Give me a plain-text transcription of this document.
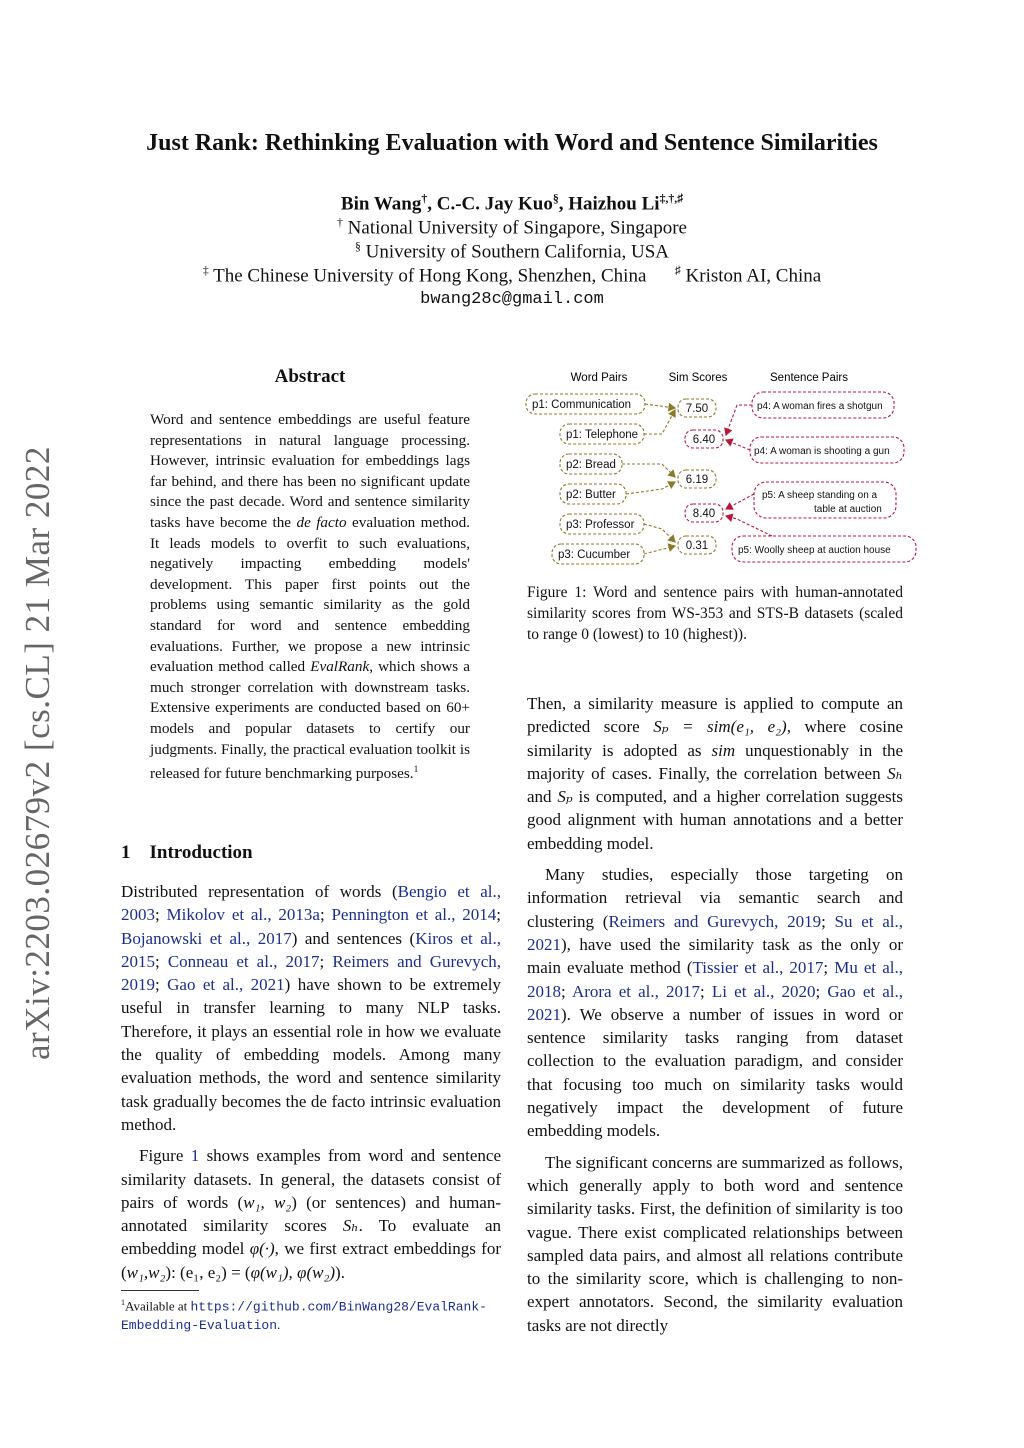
Just Rank: Rethinking Evaluation with Word and Sentence Similarities
Bin Wang†, C.-C. Jay Kuo§, Haizhou Li‡,†,♯
† National University of Singapore, Singapore
§ University of Southern California, USA
‡ The Chinese University of Hong Kong, Shenzhen, China ♯ Kriston AI, China
bwang28c@gmail.com
arXiv:2203.02679v2 [cs.CL] 21 Mar 2022
Abstract
Word and sentence embeddings are useful feature representations in natural language processing. However, intrinsic evaluation for embeddings lags far behind, and there has been no significant update since the past decade. Word and sentence similarity tasks have become the de facto evaluation method. It leads models to overfit to such evaluations, negatively impacting embedding models' development. This paper first points out the problems using semantic similarity as the gold standard for word and sentence embedding evaluations. Further, we propose a new intrinsic evaluation method called EvalRank, which shows a much stronger correlation with downstream tasks. Extensive experiments are conducted based on 60+ models and popular datasets to certify our judgments. Finally, the practical evaluation toolkit is released for future benchmarking purposes.$^1$
1 Introduction

Distributed representation of words (Bengio et al., 2003; Mikolov et al., 2013a; Pennington et al., 2014; Bojanowski et al., 2017) and sentences (Kiros et al., 2015; Conneau et al., 2017; Reimers and Gurevych, 2019; Gao et al., 2021) have shown to be extremely useful in transfer learning to many NLP tasks. Therefore, it plays an essential role in how we evaluate the quality of embedding models. Among many evaluation methods, the word and sentence similarity task gradually becomes the de facto intrinsic evaluation method.

Figure 1 shows examples from word and sentence similarity datasets. In general, the datasets consist of pairs of words (w₁, w₂) (or sentences) and human-annotated similarity scores Sₕ. To evaluate an embedding model φ(·), we first extract embeddings for (w₁,w₂): (e₁, e₂) = (φ(w₁), φ(w₂)).

$^1$Available at https://github.com/BinWang28/EvalRank-Embedding-Evaluation.
Word Pairs	Sim Scores	Sentence Pairs
p1: Communication
p1: Telephone
p2: Bread
p2: Butter
p3: Professor
p3: Cucumber
7.50
6.19
0.31
6.40
8.40
p4: A woman fires a shotgun
p4: A woman is shooting a gun
p5: A sheep standing on a
table at auction
p5: Woolly sheep at auction house
Figure 1: Word and sentence pairs with human-annotated similarity scores from WS-353 and STS-B datasets (scaled to range 0 (lowest) to 10 (highest)).

Then, a similarity measure is applied to compute an predicted score Sₚ = sim(e₁, e₂), where cosine similarity is adopted as sim unquestionably in the majority of cases. Finally, the correlation between Sₕ and Sₚ is computed, and a higher correlation suggests good alignment with human annotations and a better embedding model.

Many studies, especially those targeting on information retrieval via semantic search and clustering (Reimers and Gurevych, 2019; Su et al., 2021), have used the similarity task as the only or main evaluate method (Tissier et al., 2017; Mu et al., 2018; Arora et al., 2017; Li et al., 2020; Gao et al., 2021). We observe a number of issues in word or sentence similarity tasks ranging from dataset collection to the evaluation paradigm, and consider that focusing too much on similarity tasks would negatively impact the development of future embedding models.

The significant concerns are summarized as follows, which generally apply to both word and sentence similarity tasks. First, the definition of similarity is too vague. There exist complicated relationships between sampled data pairs, and almost all relations contribute to the similarity score, which is challenging to non-expert annotators. Second, the similarity evaluation tasks are not directly
